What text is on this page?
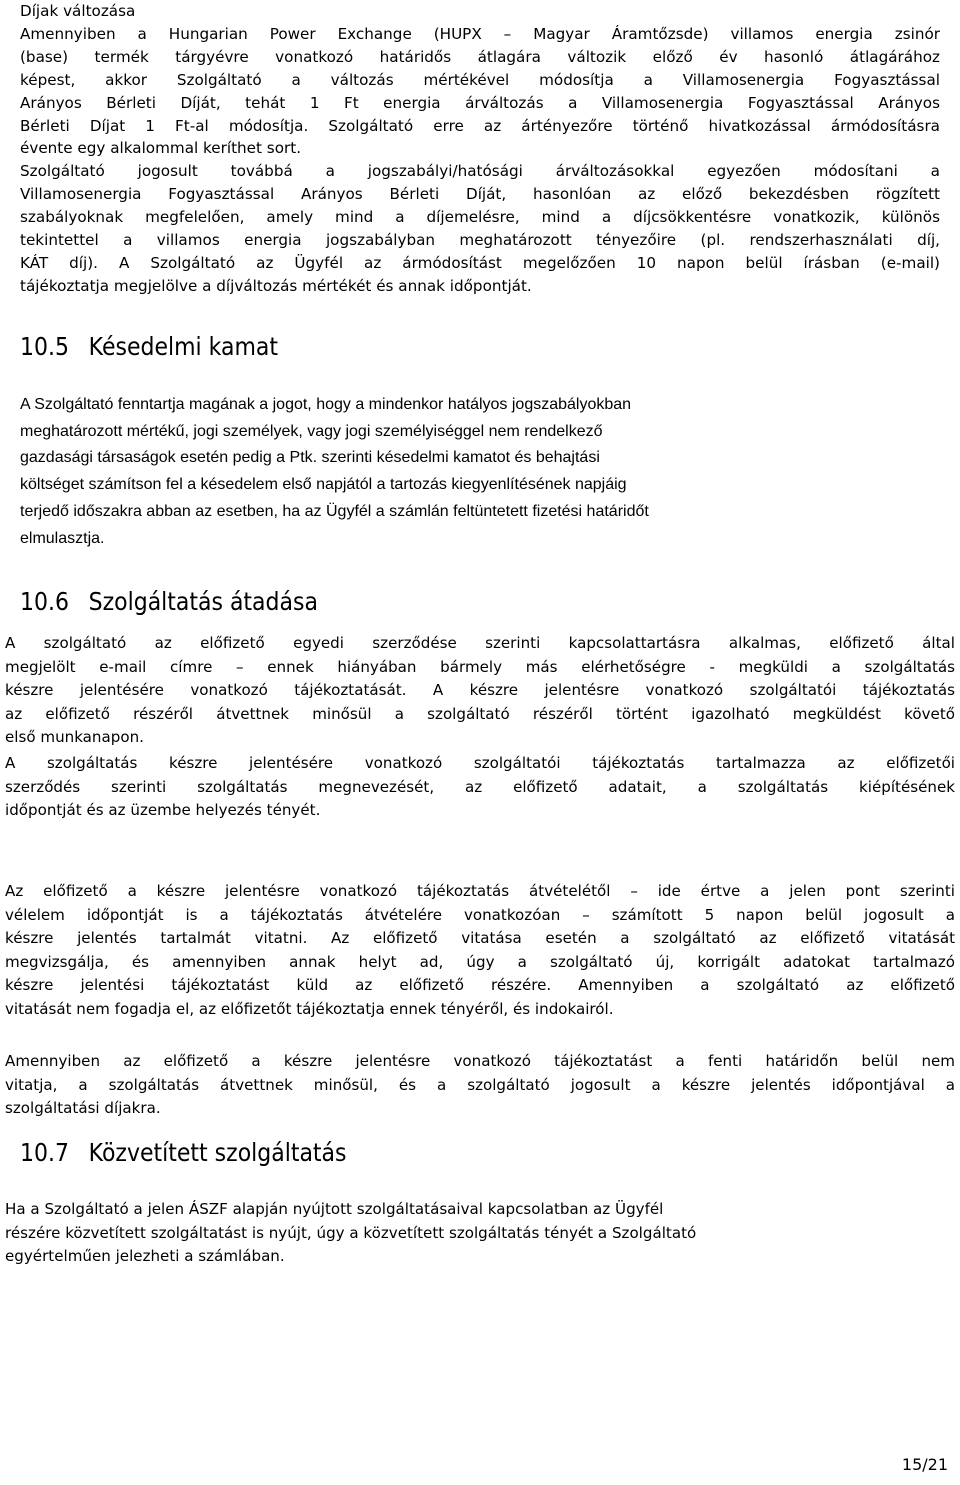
Díjak változása
Amennyiben a Hungarian Power Exchange (HUPX – Magyar Áramtőzsde) villamos energia zsinór
(base) termék tárgyévre vonatkozó határidős átlagára változik előző év hasonló átlagárához
képest, akkor Szolgáltató a változás mértékével módosítja a Villamosenergia Fogyasztással
Arányos Bérleti Díját, tehát 1 Ft energia árváltozás a Villamosenergia Fogyasztással Arányos
Bérleti Díjat 1 Ft-al módosítja. Szolgáltató erre az ártényezőre történő hivatkozással ármódosításra
évente egy alkalommal keríthet sort.
Szolgáltató jogosult továbbá a jogszabályi/hatósági árváltozásokkal egyezően módosítani a
Villamosenergia Fogyasztással Arányos Bérleti Díját, hasonlóan az előző bekezdésben rögzített
szabályoknak megfelelően, amely mind a díjemelésre, mind a díjcsökkentésre vonatkozik, különös
tekintettel a villamos energia jogszabályban meghatározott tényezőire (pl. rendszerhasználati díj,
KÁT díj). A Szolgáltató az Ügyfél az ármódosítást megelőzően 10 napon belül írásban (e-mail)
tájékoztatja megjelölve a díjváltozás mértékét és annak időpontját.
10.5 Késedelmi kamat
A Szolgáltató fenntartja magának a jogot, hogy a mindenkor hatályos jogszabályokban
meghatározott mértékű, jogi személyek, vagy jogi személyiséggel nem rendelkező
gazdasági társaságok esetén pedig a Ptk. szerinti késedelmi kamatot és behajtási
költséget számítson fel a késedelem első napjától a tartozás kiegyenlítésének napjáig
terjedő időszakra abban az esetben, ha az Ügyfél a számlán feltüntetett fizetési határidőt
elmulasztja.
10.6 Szolgáltatás átadása
A szolgáltató az előfizető egyedi szerződése szerinti kapcsolattartásra alkalmas, előfizető által
megjelölt e-mail címre – ennek hiányában bármely más elérhetőségre - megküldi a szolgáltatás
készre jelentésére vonatkozó tájékoztatását. A készre jelentésre vonatkozó szolgáltatói tájékoztatás
az előfizető részéről átvettnek minősül a szolgáltató részéről történt igazolható megküldést követő
első munkanapon.
A szolgáltatás készre jelentésére vonatkozó szolgáltatói tájékoztatás tartalmazza az előfizetői
szerződés szerinti szolgáltatás megnevezését, az előfizető adatait, a szolgáltatás kiépítésének
időpontját és az üzembe helyezés tényét.
Az előfizető a készre jelentésre vonatkozó tájékoztatás átvételétől – ide értve a jelen pont szerinti
vélelem időpontját is a tájékoztatás átvételére vonatkozóan – számított 5 napon belül jogosult a
készre jelentés tartalmát vitatni. Az előfizető vitatása esetén a szolgáltató az előfizető vitatását
megvizsgálja, és amennyiben annak helyt ad, úgy a szolgáltató új, korrigált adatokat tartalmazó
készre jelentési tájékoztatást küld az előfizető részére. Amennyiben a szolgáltató az előfizető
vitatását nem fogadja el, az előfizetőt tájékoztatja ennek tényéről, és indokairól.
Amennyiben az előfizető a készre jelentésre vonatkozó tájékoztatást a fenti határidőn belül nem
vitatja, a szolgáltatás átvettnek minősül, és a szolgáltató jogosult a készre jelentés időpontjával a
szolgáltatási díjakra.
10.7 Közvetített szolgáltatás
Ha a Szolgáltató a jelen ÁSZF alapján nyújtott szolgáltatásaival kapcsolatban az Ügyfél
részére közvetített szolgáltatást is nyújt, úgy a közvetített szolgáltatás tényét a Szolgáltató
egyértelműen jelezheti a számlában.
15/21
